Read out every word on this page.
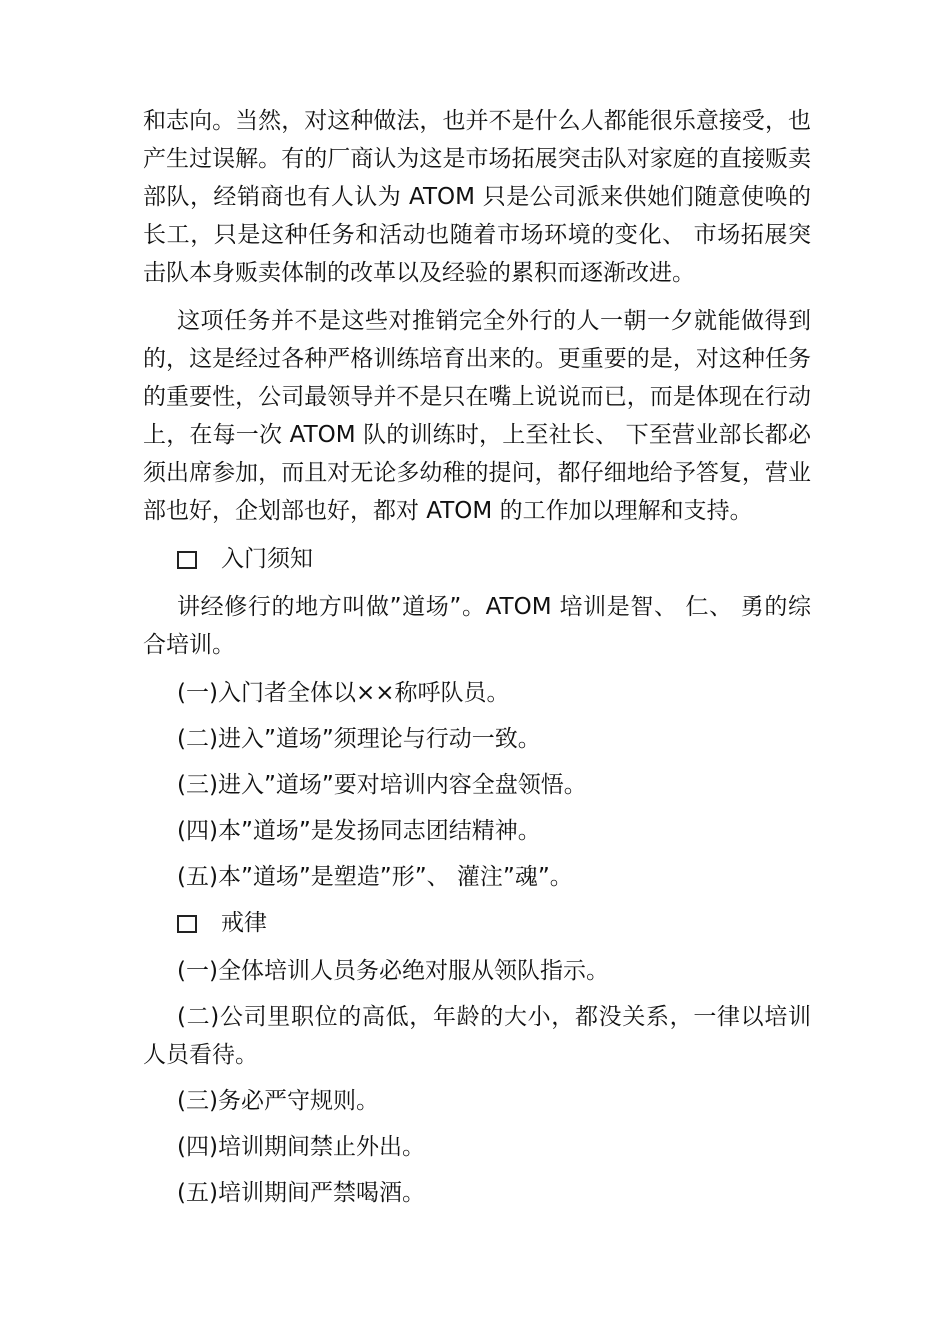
和志向。当然，对这种做法，也并不是什么人都能很乐意接受，也产生过误解。有的厂商认为这是市场拓展突击队对家庭的直接贩卖部队，经销商也有人认为 ATOM 只是公司派来供她们随意使唤的长工，只是这种任务和活动也随着市场环境的变化、 市场拓展突击队本身贩卖体制的改革以及经验的累积而逐渐改进。

这项任务并不是这些对推销完全外行的人一朝一夕就能做得到的，这是经过各种严格训练培育出来的。更重要的是，对这种任务的重要性，公司最领导并不是只在嘴上说说而已，而是体现在行动上，在每一次 ATOM 队的训练时，上至社长、 下至营业部长都必须出席参加，而且对无论多幼稚的提问，都仔细地给予答复，营业部也好，企划部也好，都对 ATOM 的工作加以理解和支持。

入门须知

讲经修行的地方叫做”道场”。ATOM 培训是智、 仁、 勇的综合培训。

(一)入门者全体以××称呼队员。

(二)进入”道场”须理论与行动一致。

(三)进入”道场”要对培训内容全盘领悟。

(四)本”道场”是发扬同志团结精神。

(五)本”道场”是塑造”形”、 灌注”魂”。

戒律

(一)全体培训人员务必绝对服从领队指示。

(二)公司里职位的高低，年龄的大小，都没关系，一律以培训人员看待。

(三)务必严守规则。

(四)培训期间禁止外出。

(五)培训期间严禁喝酒。
